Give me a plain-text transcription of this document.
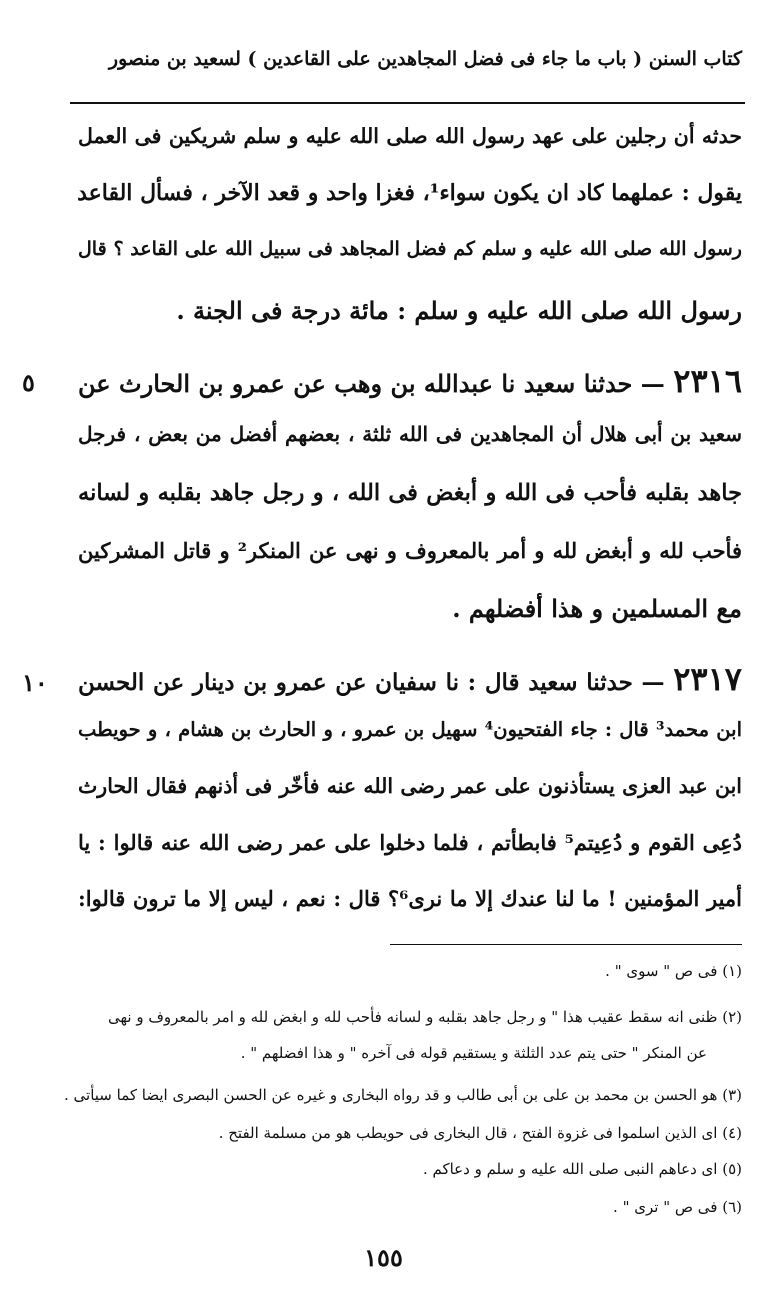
كتاب السنن ( باب ما جاء فى فضل المجاهدين على القاعدين ) لسعيد بن منصور
حدثه أن رجلين على عهد رسول الله صلى الله عليه و سلم شريكين فى العمل
يقول : عملهما كاد ان يكون سواء¹، فغزا واحد و قعد الآخر ، فسأل القاعد
رسول الله صلى الله عليه و سلم كم فضل المجاهد فى سبيل الله على القاعد ؟ قال
رسول الله صلى الله عليه و سلم : مائة درجة فى الجنة .
٥	٢٣١٦ — حدثنا سعيد نا عبدالله بن وهب عن عمرو بن الحارث عن
سعيد بن أبى هلال أن المجاهدين فى الله ثلثة ، بعضهم أفضل من بعض ، فرجل
جاهد بقلبه فأحب فى الله و أبغض فى الله ، و رجل جاهد بقلبه و لسانه
فأحب لله و أبغض لله و أمر بالمعروف و نهى عن المنكر² و قاتل المشركين
مع المسلمين و هذا أفضلهم .
١٠	٢٣١٧ — حدثنا سعيد قال : نا سفيان عن عمرو بن دينار عن الحسن
ابن محمد³ قال : جاء الفتحيون⁴ سهيل بن عمرو ، و الحارث بن هشام ، و حويطب
ابن عبد العزى يستأذنون على عمر رضى الله عنه فأخّر فى أذنهم فقال الحارث
دُعِى القوم و دُعِيتم⁵ فابطأتم ، فلما دخلوا على عمر رضى الله عنه قالوا : يا
أمير المؤمنين ! ما لنا عندك إلا ما نرى⁶؟ قال : نعم ، ليس إلا ما ترون قالوا:
(١) فى ص " سوى " .
(٢) ظنى انه سقط عقيب هذا " و رجل جاهد بقلبه و لسانه فأحب لله و ابغض لله و امر بالمعروف و نهى
عن المنكر " حتى يتم عدد الثلثة و يستقيم قوله فى آخره " و هذا افضلهم " .
(٣) هو الحسن بن محمد بن على بن أبى طالب و قد رواه البخارى و غيره عن الحسن البصرى ايضا كما سيأتى .
(٤) اى الذين اسلموا فى غزوة الفتح ، قال البخارى فى حويطب هو من مسلمة الفتح .
(٥) اى دعاهم النبى صلى الله عليه و سلم و دعاكم .
(٦) فى ص " ترى " .
١٥٥
